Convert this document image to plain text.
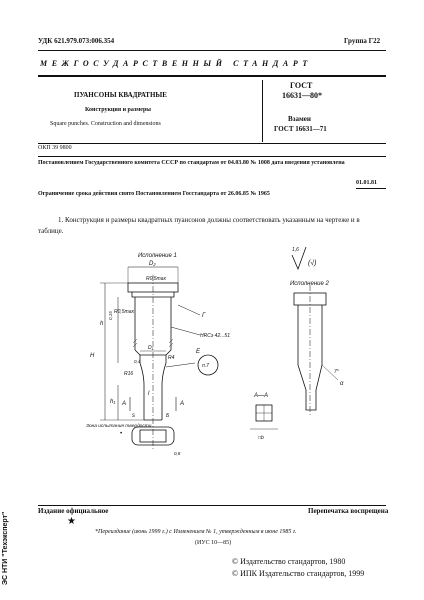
УДК 621.979.073:006.354	Группа Г22
МЕЖГОСУДАРСТВЕННЫЙ СТАНДАРТ
ПУАНСОНЫ КВАДРАТНЫЕ
Конструкция и размеры
Square punches. Construction and dimensions
ГОСТ
16631—80*
Взамен
ГОСТ 16631—71
ОКП 39 9800
Постановлением Государственного комитета СССР по стандартам от 04.03.80 № 1008 дата введения установлена
01.01.81
Ограничение срока действия снято Постановлением Госстандарта от 26.06.85 № 1965
1. Конструкция и размеры квадратных пуансонов должны соответствовать указанным на чертеже и в таблице.
Исполнение 1
Исполнение 2
1,6
(√)
D₂
R0,5max
0,15 R0,5max
Г
HRCэ 42...51
Е
D₁
R4
R16
п.7
А	А
Б
h
H
h₁
l
s
Зона испытания твердости
А—А
α
7°
□b
0,4
0,8
•
Издание официальное	Перепечатка воспрещена
★
*Переиздание (июнь 1999 г.) с Изменением № 1, утвержденным в июне 1985 г.
(ИУС 10—85)
© Издательство стандартов, 1980
© ИПК Издательство стандартов, 1999
ЭС НТИ "Техэксперт"
